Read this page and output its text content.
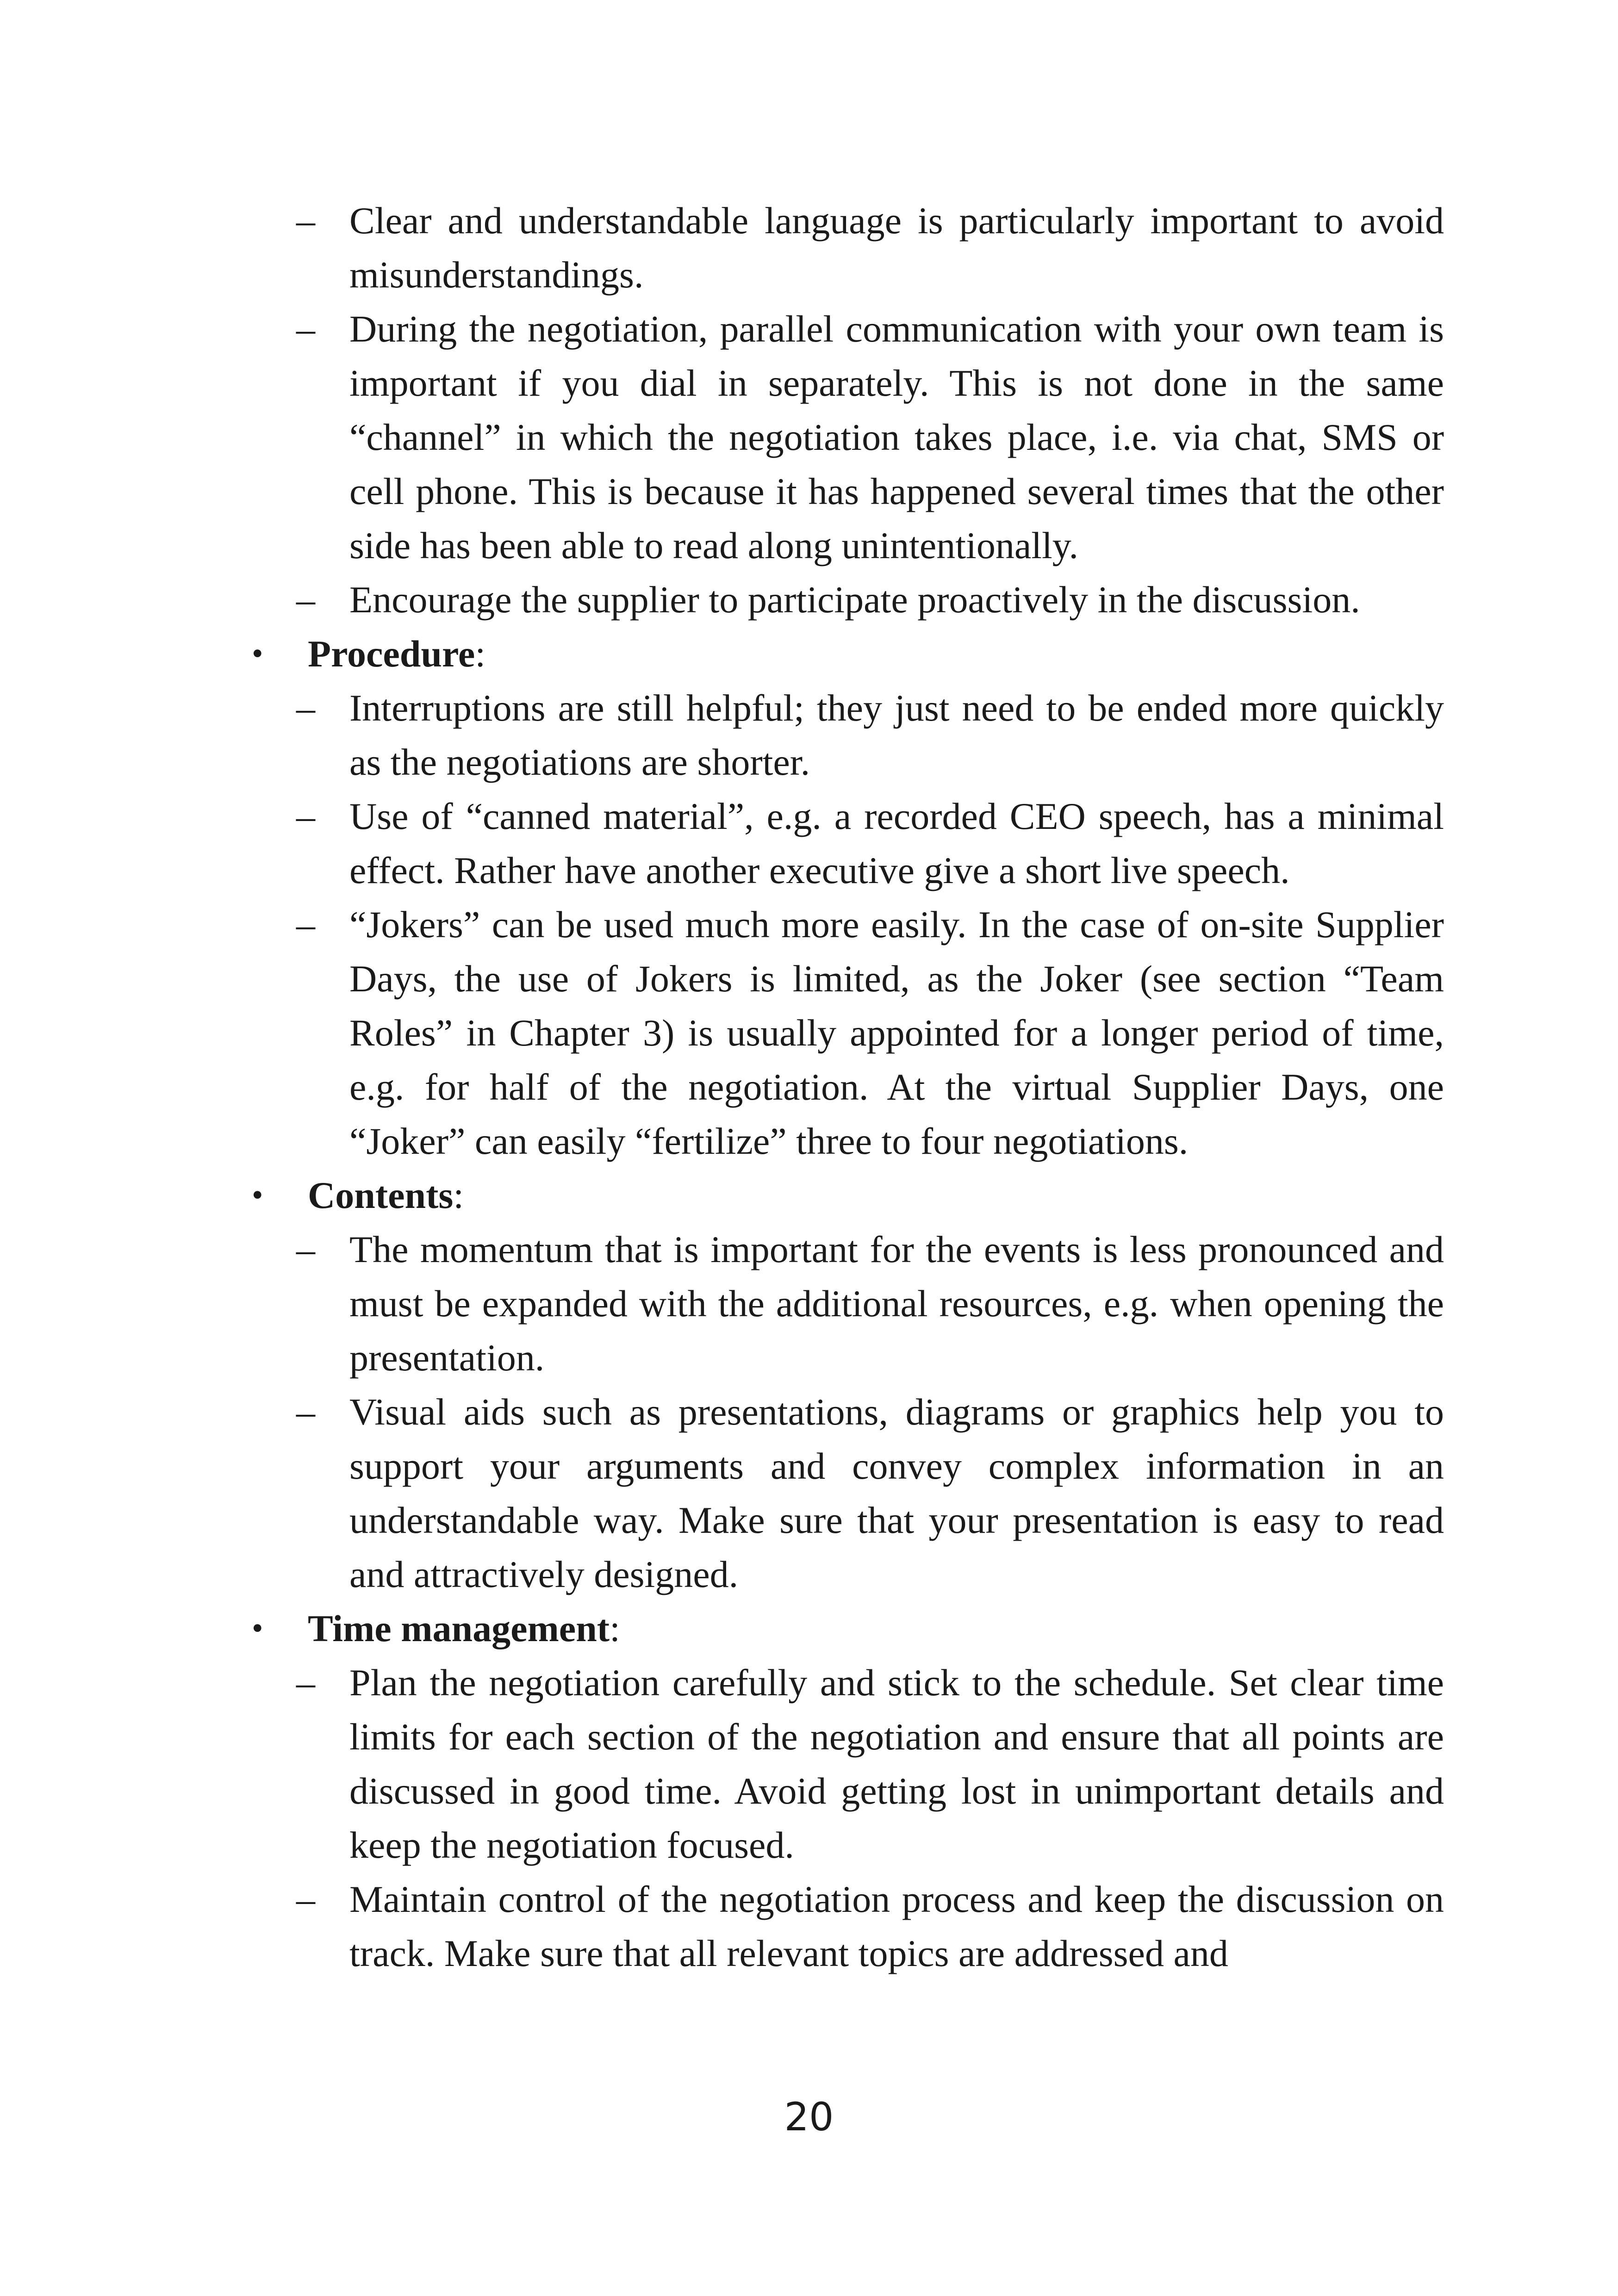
– Clear and understandable language is particularly important to avoid misunderstandings.
– During the negotiation, parallel communication with your own team is important if you dial in separately. This is not done in the same “channel” in which the negotiation takes place, i.e. via chat, SMS or cell phone. This is because it has happened several times that the other side has been able to read along unintentionally.
– Encourage the supplier to participate proactively in the discussion.
• Procedure:
– Interruptions are still helpful; they just need to be ended more quickly as the negotiations are shorter.
– Use of “canned material”, e.g. a recorded CEO speech, has a minimal effect. Rather have another executive give a short live speech.
– “Jokers” can be used much more easily. In the case of on-site Supplier Days, the use of Jokers is limited, as the Joker (see section “Team Roles” in Chapter 3) is usually appointed for a longer period of time, e.g. for half of the negotiation. At the virtual Supplier Days, one “Joker” can easily “fertilize” three to four negotiations.
• Contents:
– The momentum that is important for the events is less pronounced and must be expanded with the additional resources, e.g. when opening the presentation.
– Visual aids such as presentations, diagrams or graphics help you to support your arguments and convey complex information in an understandable way. Make sure that your presentation is easy to read and attractively designed.
• Time management:
– Plan the negotiation carefully and stick to the schedule. Set clear time limits for each section of the negotiation and ensure that all points are discussed in good time. Avoid getting lost in unimportant details and keep the negotiation focused.
– Maintain control of the negotiation process and keep the discussion on track. Make sure that all relevant topics are addressed and
20
